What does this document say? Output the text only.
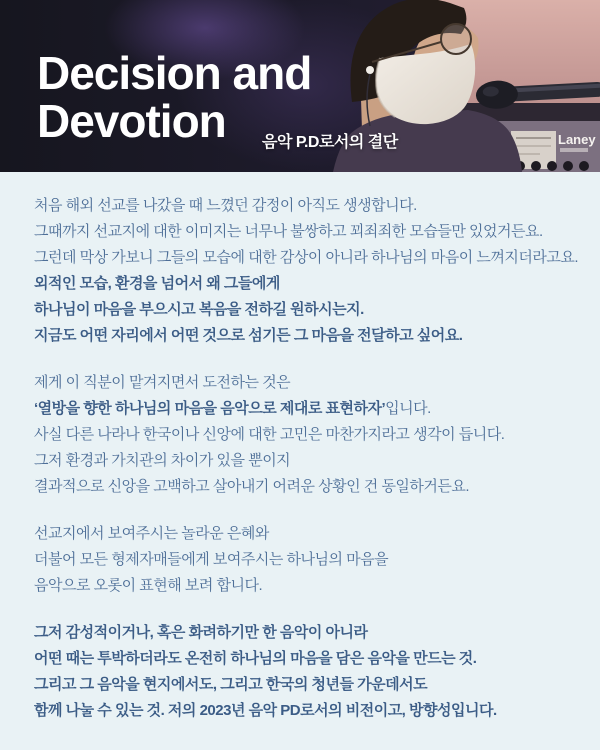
Laney
Decision and
Devotion	음악 P.D로서의 결단

처음 해외 선교를 나갔을 때 느꼈던 감정이 아직도 생생합니다.

그때까지 선교지에 대한 이미지는 너무나 불쌍하고 꾀죄죄한 모습들만 있었거든요.

그런데 막상 가보니 그들의 모습에 대한 감상이 아니라 하나님의 마음이 느껴지더라고요.

외적인 모습, 환경을 넘어서 왜 그들에게

하나님이 마음을 부으시고 복음을 전하길 원하시는지.

지금도 어떤 자리에서 어떤 것으로 섬기든 그 마음을 전달하고 싶어요.

제게 이 직분이 맡겨지면서 도전하는 것은

‘열방을 향한 하나님의 마음을 음악으로 제대로 표현하자’입니다.

사실 다른 나라나 한국이나 신앙에 대한 고민은 마찬가지라고 생각이 듭니다.

그저 환경과 가치관의 차이가 있을 뿐이지

결과적으로 신앙을 고백하고 살아내기 어려운 상황인 건 동일하거든요.

선교지에서 보여주시는 놀라운 은혜와

더불어 모든 형제자매들에게 보여주시는 하나님의 마음을

음악으로 오롯이 표현해 보려 합니다.

그저 감성적이거나, 혹은 화려하기만 한 음악이 아니라

어떤 때는 투박하더라도 온전히 하나님의 마음을 담은 음악을 만드는 것.

그리고 그 음악을 현지에서도, 그리고 한국의 청년들 가운데서도

함께 나눌 수 있는 것. 저의 2023년 음악 PD로서의 비전이고, 방향성입니다.
